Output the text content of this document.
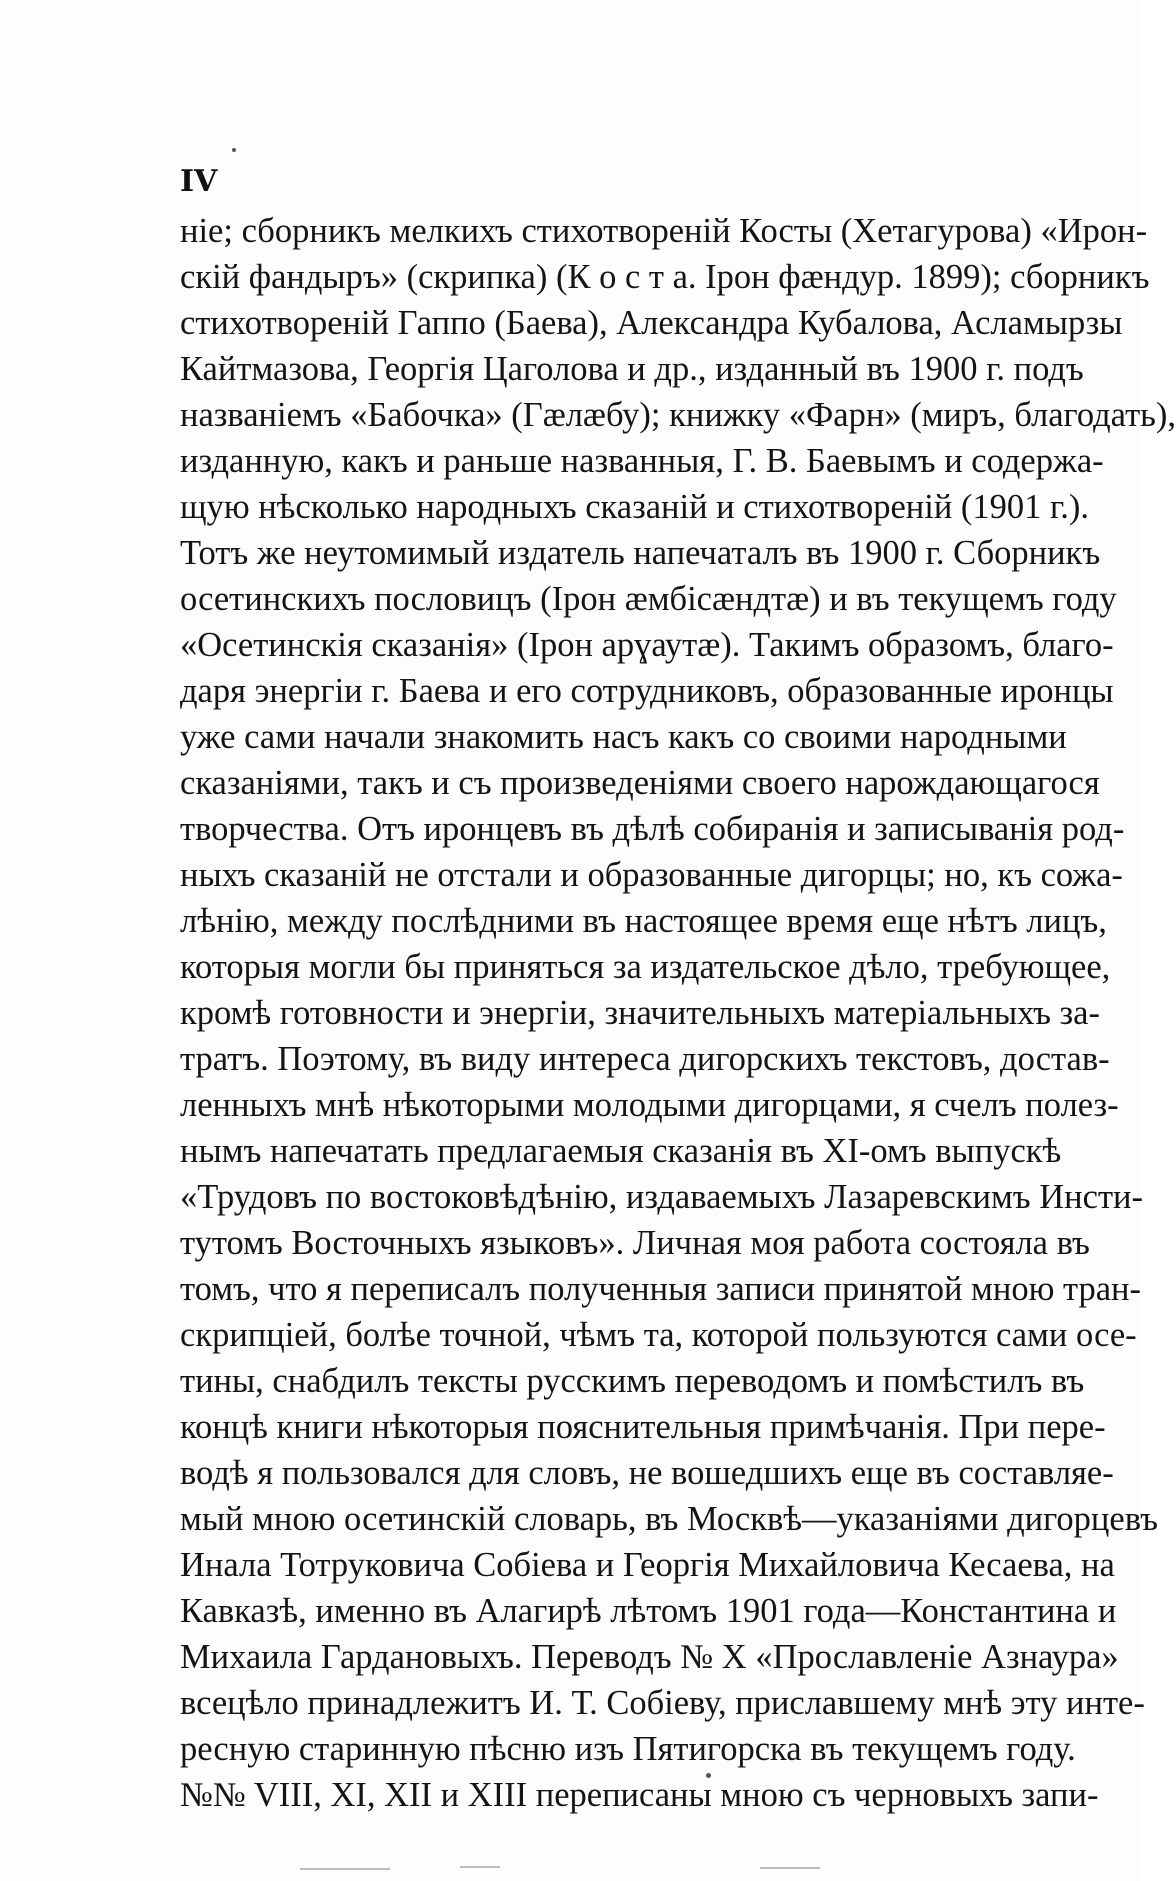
IV
ніе; сборникъ мелкихъ стихотвореній Косты (Хетагурова) «Ирон-
скій фандыръ» (скрипка) (К о с т а. Ірон фæндур. 1899); сборникъ
стихотвореній Гаппо (Баева), Александра Кубалова, Асламырзы
Кайтмазова, Георгія Цаголова и др., изданный въ 1900 г. подъ
названіемъ «Бабочка» (Гæлæбу); книжку «Фарн» (миръ, благодать),
изданную, какъ и раньше названныя, Г. В. Баевымъ и содержа-
щую нѣсколько народныхъ сказаній и стихотвореній (1901 г.).
Тотъ же неутомимый издатель напечаталъ въ 1900 г. Сборникъ
осетинскихъ пословицъ (Ірон æмбісæндтæ) и въ текущемъ году
«Осетинскія сказанія» (Ірон арɣаутæ). Такимъ образомъ, благо-
даря энергіи г. Баева и его сотрудниковъ, образованные иронцы
уже сами начали знакомить насъ какъ со своими народными
сказаніями, такъ и съ произведеніями своего нарождающагося
творчества. Отъ иронцевъ въ дѣлѣ собиранія и записыванія род-
ныхъ сказаній не отстали и образованные дигорцы; но, къ сожа-
лѣнію, между послѣдними въ настоящее время еще нѣтъ лицъ,
которыя могли бы приняться за издательское дѣло, требующее,
кромѣ готовности и энергіи, значительныхъ матеріальныхъ за-
тратъ. Поэтому, въ виду интереса дигорскихъ текстовъ, достав-
ленныхъ мнѣ нѣкоторыми молодыми дигорцами, я счелъ полез-
нымъ напечатать предлагаемыя сказанія въ XI-омъ выпускѣ
«Трудовъ по востоковѣдѣнію, издаваемыхъ Лазаревскимъ Инсти-
тутомъ Восточныхъ языковъ». Личная моя работа состояла въ
томъ, что я переписалъ полученныя записи принятой мною тран-
скрипціей, болѣе точной, чѣмъ та, которой пользуются сами осе-
тины, снабдилъ тексты русскимъ переводомъ и помѣстилъ въ
концѣ книги нѣкоторыя пояснительныя примѣчанія. При пере-
водѣ я пользовался для словъ, не вошедшихъ еще въ составляе-
мый мною осетинскій словарь, въ Москвѣ—указаніями дигорцевъ
Инала Тотруковича Собіева и Георгія Михайловича Кесаева, на
Кавказѣ, именно въ Алагирѣ лѣтомъ 1901 года—Константина и
Михаила Гардановыхъ. Переводъ № X «Прославленіе Азнаура»
всецѣло принадлежитъ И. Т. Собіеву, приславшему мнѣ эту инте-
ресную старинную пѣсню изъ Пятигорска въ текущемъ году.
№№ VIII, XI, XII и XIII переписаны мною съ черновыхъ запи-
